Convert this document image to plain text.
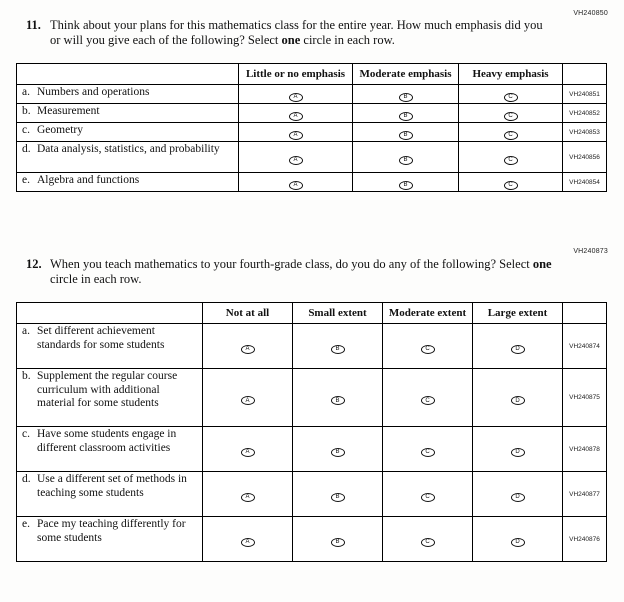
VH240850
11. Think about your plans for this mathematics class for the entire year. How much emphasis did you or will you give each of the following? Select one circle in each row.
	Little or no emphasis	Moderate emphasis	Heavy emphasis	

a. Numbers and operations	A	B	C	VH240851

b. Measurement	A	B	C	VH240852

c. Geometry	A	B	C	VH240853

d. Data analysis, statistics, and probability	A	B	C	VH240856

e. Algebra and functions	A	B	C	VH240854
VH240873
12. When you teach mathematics to your fourth-grade class, do you do any of the following? Select one circle in each row.
	Not at all	Small extent	Moderate extent	Large extent	

a. Set different achievement standards for some students	A	B	C	D	VH240874

b. Supplement the regular course curriculum with additional material for some students	A	B	C	D	VH240875

c. Have some students engage in different classroom activities	A	B	C	D	VH240878

d. Use a different set of methods in teaching some students	A	B	C	D	VH240877

e. Pace my teaching differently for some students	A	B	C	D	VH240876
